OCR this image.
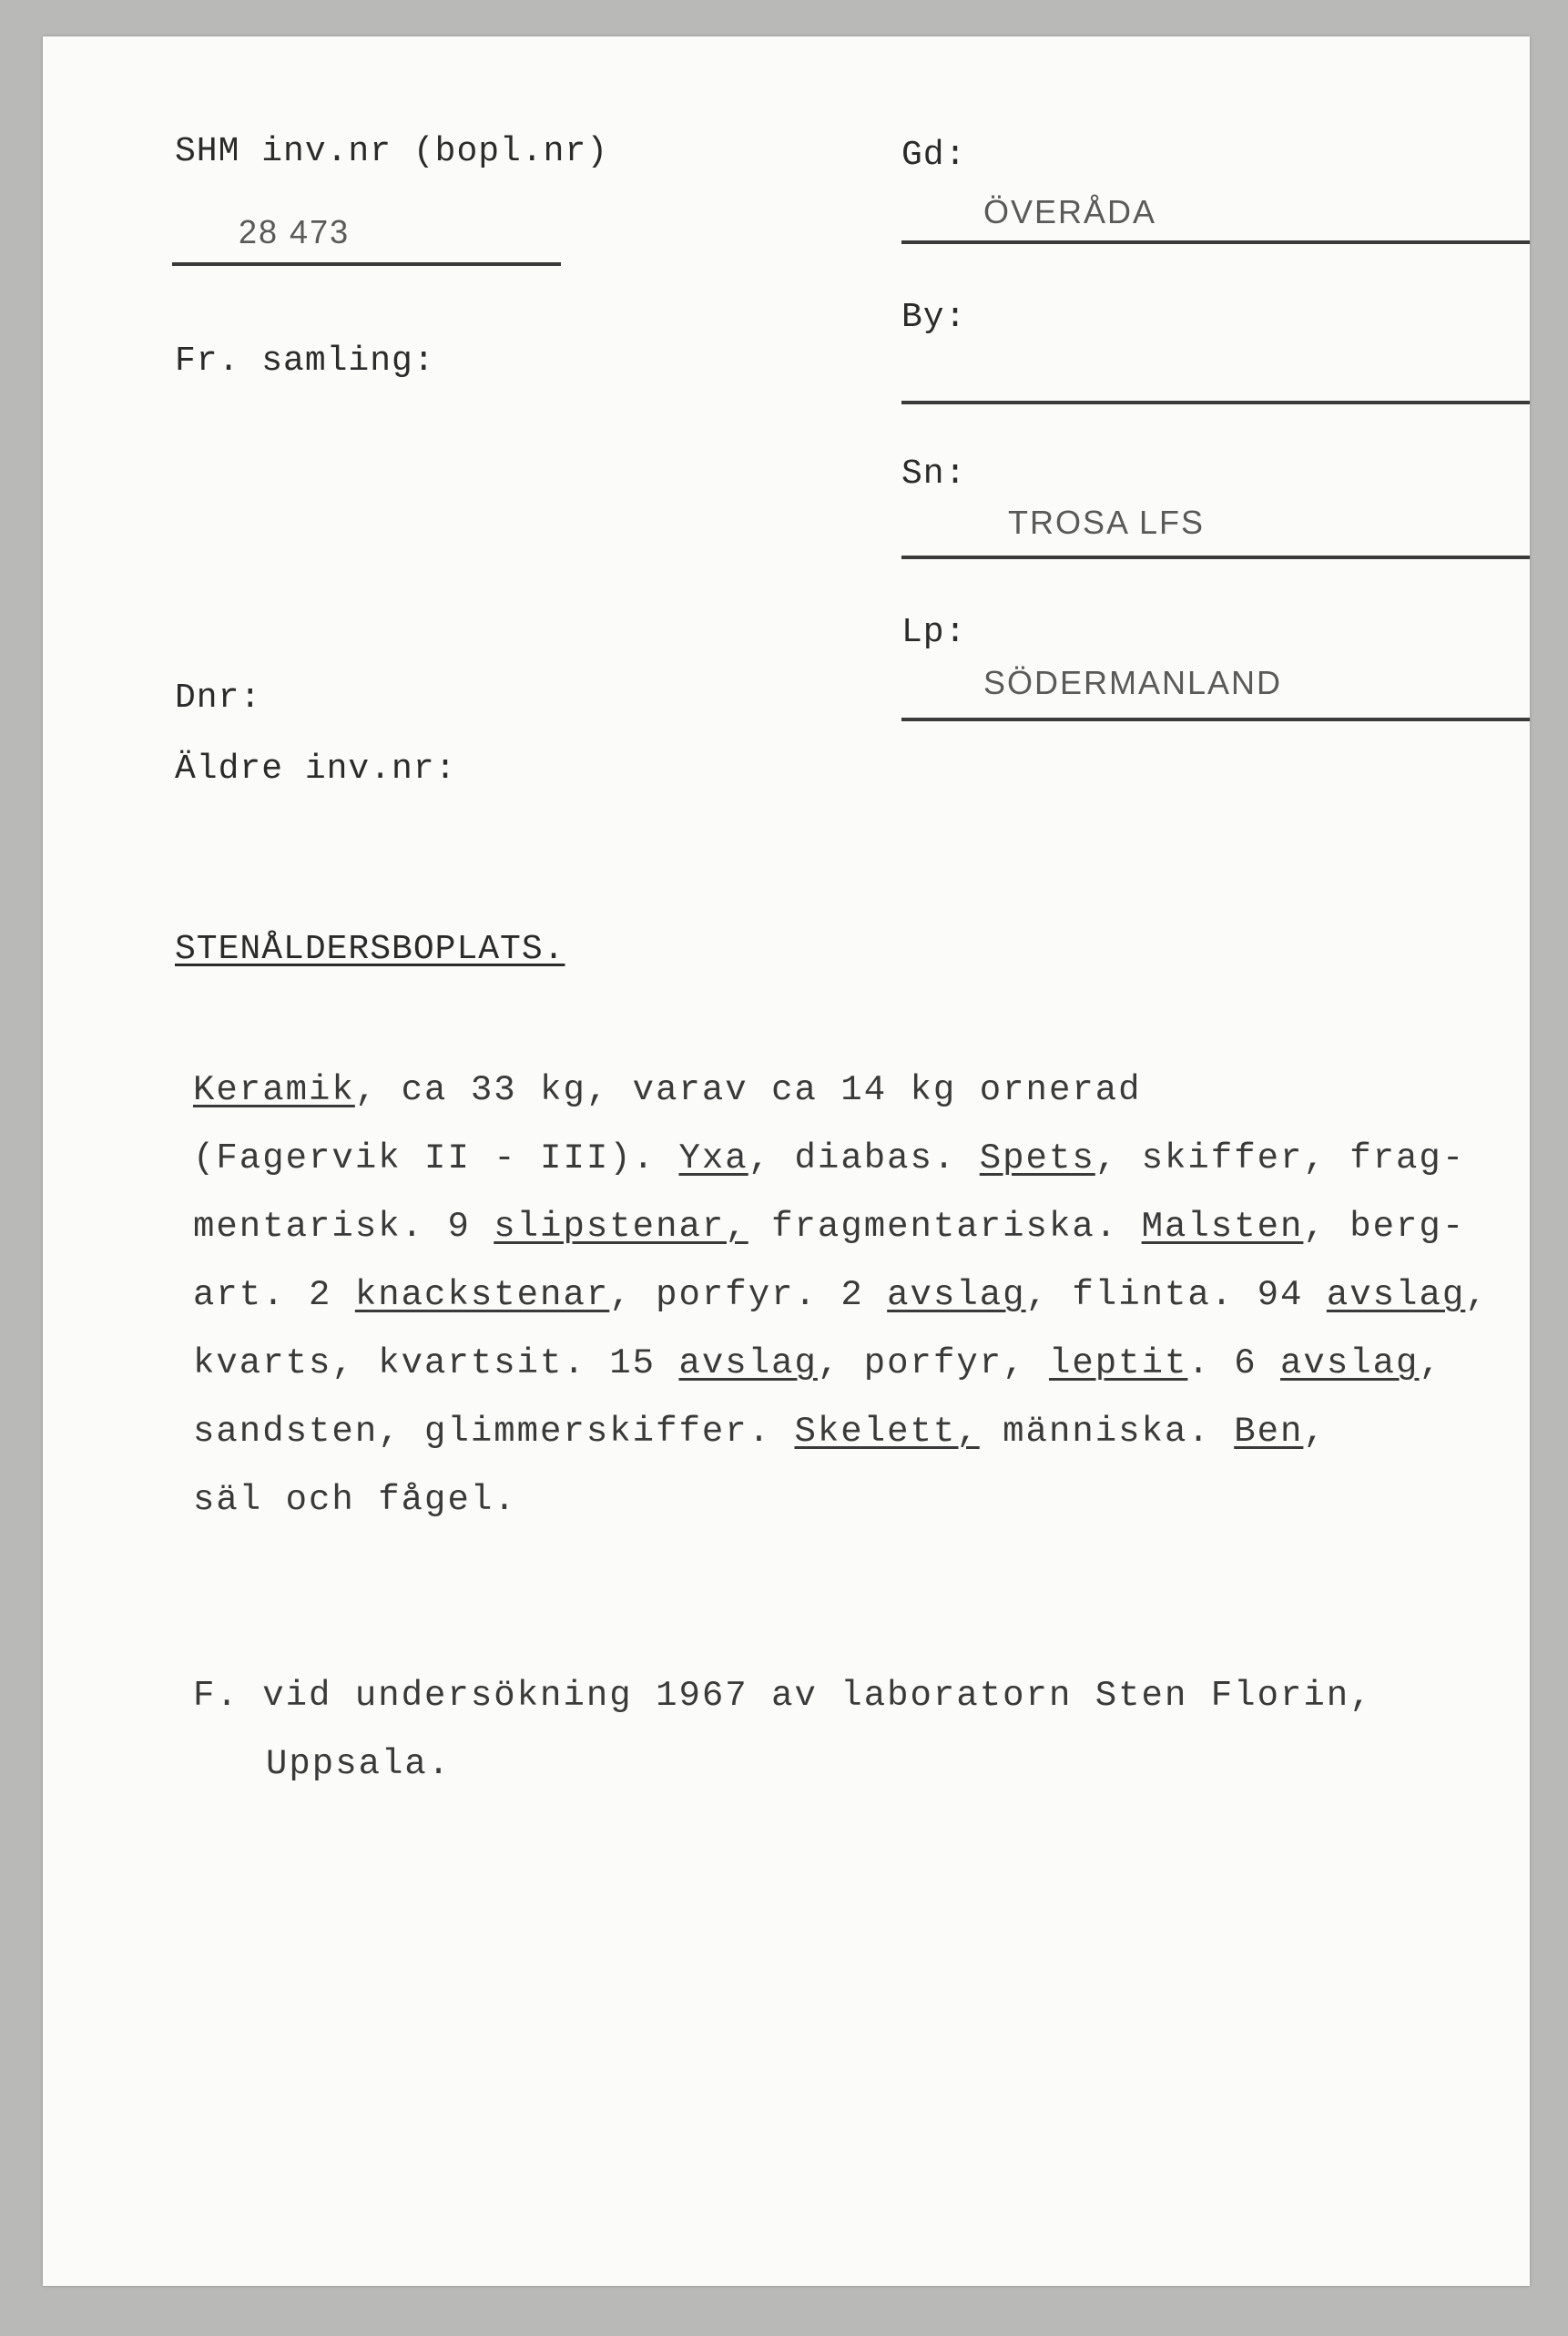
SHM inv.nr (bopl.nr)
28 473
Fr. samling:
Dnr:
Äldre inv.nr:
Gd:
ÖVERÅDA
By:
Sn:
TROSA LFS
Lp:
SÖDERMANLAND
STENÅLDERSBOPLATS.
Keramik, ca 33 kg, varav ca 14 kg ornerad
(Fagervik II - III). Yxa, diabas. Spets, skiffer, frag-
mentarisk. 9 slipstenar, fragmentariska. Malsten, berg-
art. 2 knackstenar, porfyr. 2 avslag, flinta. 94 avslag,
kvarts, kvartsit. 15 avslag, porfyr, leptit. 6 avslag,
sandsten, glimmerskiffer. Skelett, människa. Ben,
säl och fågel.
F. vid undersökning 1967 av laboratorn Sten Florin,
Uppsala.
